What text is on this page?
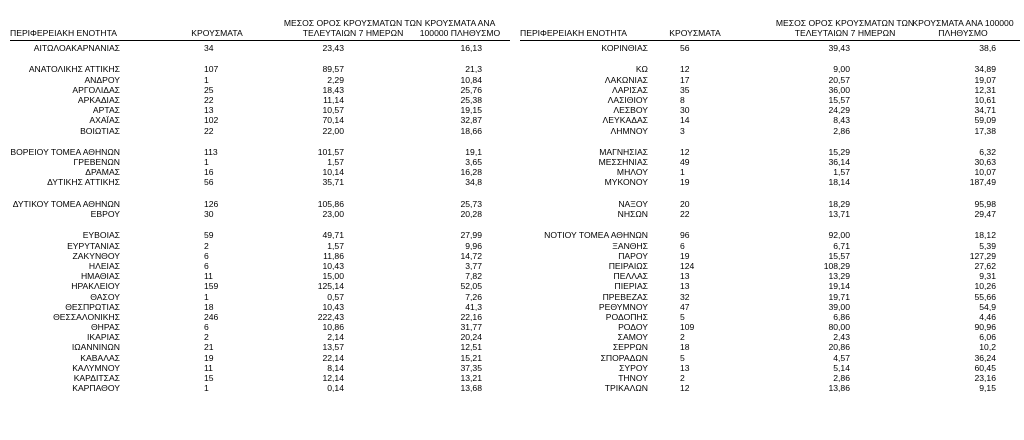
ΠΕΡΙΦΕΡΕΙΑΚΗ ΕΝΟΤΗΤΑ	ΚΡΟΥΣΜΑΤΑ
ΜΕΣΟΣ ΟΡΟΣ ΚΡΟΥΣΜΑΤΩΝ ΤΩΝ ΤΕΛΕΥΤΑΙΩΝ 7 ΗΜΕΡΩΝ
ΚΡΟΥΣΜΑΤΑ ΑΝΑ 100000 ΠΛΗΘΥΣΜΟ
ΑΙΤΩΛΟΑΚΑΡΝΑΝΙΑΣ	34	23,43	16,13
ΑΝΑΤΟΛΙΚΗΣ ΑΤΤΙΚΗΣ	107	89,57	21,3
ΑΝΔΡΟΥ	1	2,29	10,84
ΑΡΓΟΛΙΔΑΣ	25	18,43	25,76
ΑΡΚΑΔΙΑΣ	22	11,14	25,38
ΑΡΤΑΣ	13	10,57	19,15
ΑΧΑΪΑΣ	102	70,14	32,87
ΒΟΙΩΤΙΑΣ	22	22,00	18,66
ΒΟΡΕΙΟΥ ΤΟΜΕΑ ΑΘΗΝΩΝ	113	101,57	19,1
ΓΡΕΒΕΝΩΝ	1	1,57	3,65
ΔΡΑΜΑΣ	16	10,14	16,28
ΔΥΤΙΚΗΣ ΑΤΤΙΚΗΣ	56	35,71	34,8
ΔΥΤΙΚΟΥ ΤΟΜΕΑ ΑΘΗΝΩΝ	126	105,86	25,73
ΕΒΡΟΥ	30	23,00	20,28
ΕΥΒΟΙΑΣ	59	49,71	27,99
ΕΥΡΥΤΑΝΙΑΣ	2	1,57	9,96
ΖΑΚΥΝΘΟΥ	6	11,86	14,72
ΗΛΕΙΑΣ	6	10,43	3,77
ΗΜΑΘΙΑΣ	11	15,00	7,82
ΗΡΑΚΛΕΙΟΥ	159	125,14	52,05
ΘΑΣΟΥ	1	0,57	7,26
ΘΕΣΠΡΩΤΙΑΣ	18	10,43	41,3
ΘΕΣΣΑΛΟΝΙΚΗΣ	246	222,43	22,16
ΘΗΡΑΣ	6	10,86	31,77
ΙΚΑΡΙΑΣ	2	2,14	20,24
ΙΩΑΝΝΙΝΩΝ	21	13,57	12,51
ΚΑΒΑΛΑΣ	19	22,14	15,21
ΚΑΛΥΜΝΟΥ	11	8,14	37,35
ΚΑΡΔΙΤΣΑΣ	15	12,14	13,21
ΚΑΡΠΑΘΟΥ	1	0,14	13,68
ΠΕΡΙΦΕΡΕΙΑΚΗ ΕΝΟΤΗΤΑ	ΚΡΟΥΣΜΑΤΑ
ΜΕΣΟΣ ΟΡΟΣ ΚΡΟΥΣΜΑΤΩΝ ΤΩΝ ΤΕΛΕΥΤΑΙΩΝ 7 ΗΜΕΡΩΝ
ΚΡΟΥΣΜΑΤΑ ΑΝΑ 100000 ΠΛΗΘΥΣΜΟ
ΚΟΡΙΝΘΙΑΣ	56	39,43	38,6
ΚΩ	12	9,00	34,89
ΛΑΚΩΝΙΑΣ	17	20,57	19,07
ΛΑΡΙΣΑΣ	35	36,00	12,31
ΛΑΣΙΘΙΟΥ	8	15,57	10,61
ΛΕΣΒΟΥ	30	24,29	34,71
ΛΕΥΚΑΔΑΣ	14	8,43	59,09
ΛΗΜΝΟΥ	3	2,86	17,38
ΜΑΓΝΗΣΙΑΣ	12	15,29	6,32
ΜΕΣΣΗΝΙΑΣ	49	36,14	30,63
ΜΗΛΟΥ	1	1,57	10,07
ΜΥΚΟΝΟΥ	19	18,14	187,49
ΝΑΞΟΥ	20	18,29	95,98
ΝΗΣΩΝ	22	13,71	29,47
ΝΟΤΙΟΥ ΤΟΜΕΑ ΑΘΗΝΩΝ	96	92,00	18,12
ΞΑΝΘΗΣ	6	6,71	5,39
ΠΑΡΟΥ	19	15,57	127,29
ΠΕΙΡΑΙΩΣ	124	108,29	27,62
ΠΕΛΛΑΣ	13	13,29	9,31
ΠΙΕΡΙΑΣ	13	19,14	10,26
ΠΡΕΒΕΖΑΣ	32	19,71	55,66
ΡΕΘΥΜΝΟΥ	47	39,00	54,9
ΡΟΔΟΠΗΣ	5	6,86	4,46
ΡΟΔΟΥ	109	80,00	90,96
ΣΑΜΟΥ	2	2,43	6,06
ΣΕΡΡΩΝ	18	20,86	10,2
ΣΠΟΡΑΔΩΝ	5	4,57	36,24
ΣΥΡΟΥ	13	5,14	60,45
ΤΗΝΟΥ	2	2,86	23,16
ΤΡΙΚΑΛΩΝ	12	13,86	9,15
